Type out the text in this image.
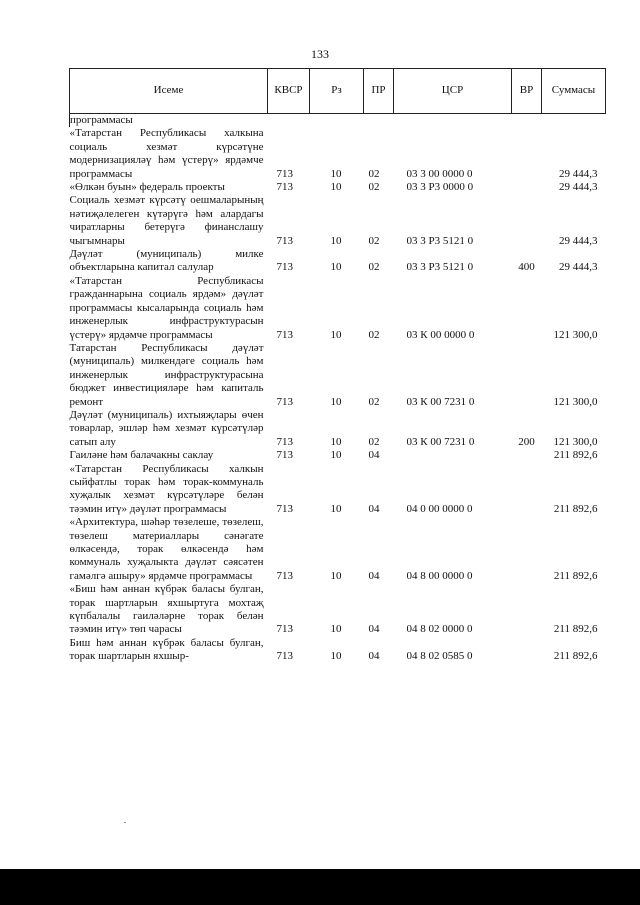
133
Исеме	КВСР	Рз	ПР	ЦСР	ВР	Суммасы
программасы						
«Татарстан Республикасы халкына социаль хезмәт күрсәтүне модернизацияләү һәм үстерү» ярдәмче программасы	713	10	02	03 3 00 0000 0		29 444,3
«Өлкән буын» федераль проекты	713	10	02	03 3 P3 0000 0		29 444,3
Социаль хезмәт күрсәтү оешмаларының нәтиҗәлелеген күтәрүгә һәм алардагы чиратларны бетерүгә финанслашу чыгымнары	713	10	02	03 3 P3 5121 0		29 444,3
Дәүләт (муниципаль) милке объектларына капитал салулар	713	10	02	03 3 P3 5121 0	400	29 444,3
«Татарстан Республикасы гражданнарына социаль ярдәм» дәүләт программасы кысаларында социаль һәм инженерлык инфраструктурасын үстерү» ярдәмче программасы	713	10	02	03 К 00 0000 0		121 300,0
Татарстан Республикасы дәүләт (муниципаль) милкендәге социаль һәм инженерлык инфраструктурасына бюджет инвестицияләре һәм капиталь ремонт	713	10	02	03 К 00 7231 0		121 300,0
Дәүләт (муниципаль) ихтыяҗлары өчен товарлар, эшләр һәм хезмәт күрсәтүләр сатып алу	713	10	02	03 К 00 7231 0	200	121 300,0
Гаиләне һәм балачакны саклау	713	10	04			211 892,6
«Татарстан Республикасы халкын сыйфатлы торак һәм торак-коммуналь хуҗалык хезмәт күрсәтүләре белән тәэмин итү» дәүләт программасы	713	10	04	04 0 00 0000 0		211 892,6
«Архитектура, шәһәр төзелеше, төзелеш, төзелеш материаллары сәнәгате өлкәсендә, торак өлкәсендә һәм коммуналь хуҗалыкта дәүләт сәясәтен гамәлгә ашыру» ярдәмче программасы	713	10	04	04 8 00 0000 0		211 892,6
«Биш һәм аннан күбрәк баласы булган, торак шартларын яхшыртуга мохтаҗ күпбалалы гаиләләрне торак белән тәэмин итү» төп чарасы	713	10	04	04 8 02 0000 0		211 892,6
Биш һәм аннан күбрәк баласы булган, торак шартларын яхшыр-	713	10	04	04 8 02 0585 0		211 892,6
